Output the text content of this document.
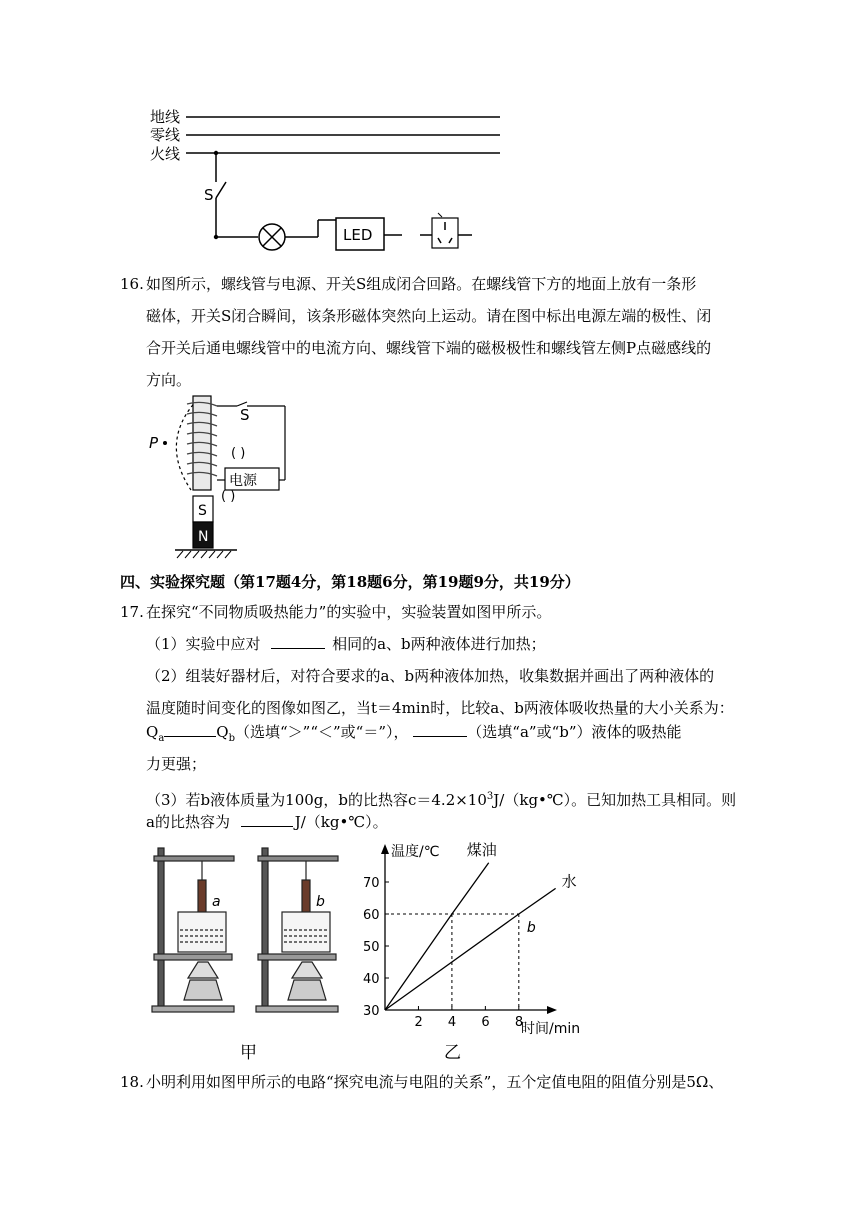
地线
零线
火线
S
LED
16. 如图所示，螺线管与电源、开关S组成闭合回路。在螺线管下方的地面上放有一条形
磁体，开关S闭合瞬间，该条形磁体突然向上运动。请在图中标出电源左端的极性、闭
合开关后通电螺线管中的电流方向、螺线管下端的磁极极性和螺线管左侧P点磁感线的
方向。
P
S
( )
电源
( )
S
N
四、实验探究题（第17题4分，第18题6分，第19题9分，共19分）
17. 在探究“不同物质吸热能力”的实验中，实验装置如图甲所示。
（1）实验中应对	相同的a、b两种液体进行加热；
（2）组装好器材后，对符合要求的a、b两种液体加热，收集数据并画出了两种液体的
温度随时间变化的图像如图乙，当t＝4min时，比较a、b两液体吸收热量的大小关系为：
$Q_a$	$Q_b$（选填“＞”“＜”或“＝”），	（选填“a”或“b”）液体的吸热能
力更强；
（3）若b液体质量为100g，b的比热容$c=4.2\times 10^3J/(kg•℃)$。已知加热工具相同。则
a的比热容为	J/（kg•℃）。
a	b
甲
温度/℃
时间/min
2 4 6 8
30
40
50
60
70
煤油
水
b
乙
18. 小明利用如图甲所示的电路“探究电流与电阻的关系”，五个定值电阻的阻值分别是5Ω、
